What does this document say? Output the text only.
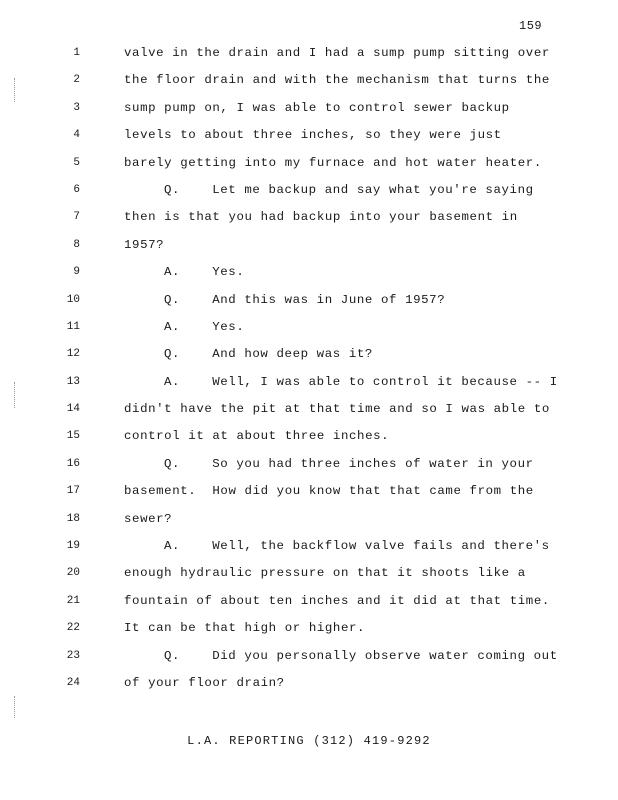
159
1	valve in the drain and I had a sump pump sitting over
2	the floor drain and with the mechanism that turns the
3	sump pump on, I was able to control sewer backup
4	levels to about three inches, so they were just
5	barely getting into my furnace and hot water heater.
6	Q.    Let me backup and say what you're saying
7	then is that you had backup into your basement in
8	1957?
9	A.    Yes.
10	Q.    And this was in June of 1957?
11	A.    Yes.
12	Q.    And how deep was it?
13	A.    Well, I was able to control it because -- I
14	didn't have the pit at that time and so I was able to
15	control it at about three inches.
16	Q.    So you had three inches of water in your
17	basement.  How did you know that that came from the
18	sewer?
19	A.    Well, the backflow valve fails and there's
20	enough hydraulic pressure on that it shoots like a
21	fountain of about ten inches and it did at that time.
22	It can be that high or higher.
23	Q.    Did you personally observe water coming out
24	of your floor drain?
L.A. REPORTING (312) 419-9292
